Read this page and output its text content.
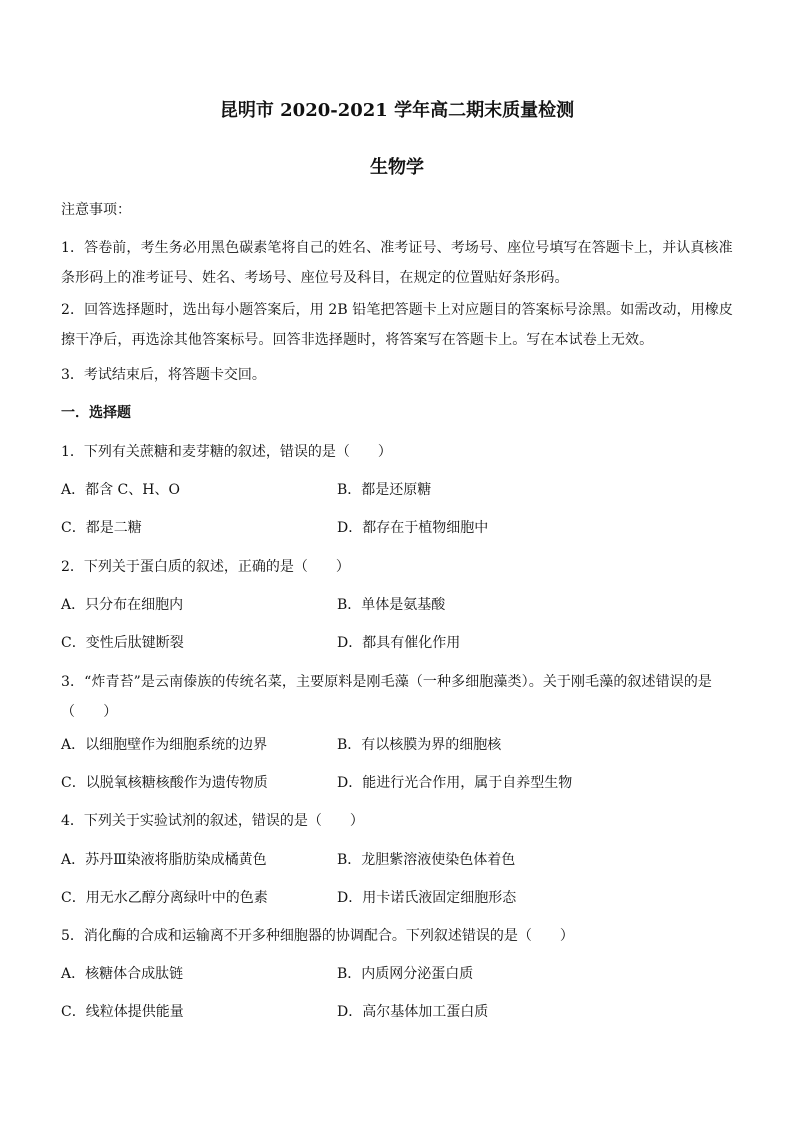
昆明市 2020-2021 学年高二期末质量检测
生物学
注意事项：
1．答卷前，考生务必用黑色碳素笔将自己的姓名、准考证号、考场号、座位号填写在答题卡上，并认真核准条形码上的准考证号、姓名、考场号、座位号及科目，在规定的位置贴好条形码。
2．回答选择题时，选出每小题答案后，用 2B 铅笔把答题卡上对应题目的答案标号涂黑。如需改动，用橡皮擦干净后，再选涂其他答案标号。回答非选择题时，将答案写在答题卡上。写在本试卷上无效。
3．考试结束后，将答题卡交回。
一．选择题
1．下列有关蔗糖和麦芽糖的叙述，错误的是（　　）
A．都含 C、H、O	B．都是还原糖
C．都是二糖	D．都存在于植物细胞中
2．下列关于蛋白质的叙述，正确的是（　　）
A．只分布在细胞内	B．单体是氨基酸
C．变性后肽键断裂	D．都具有催化作用
3．“炸青苔”是云南傣族的传统名菜，主要原料是刚毛藻（一种多细胞藻类）。关于刚毛藻的叙述错误的是（　　）
A．以细胞壁作为细胞系统的边界	B．有以核膜为界的细胞核
C．以脱氧核糖核酸作为遗传物质	D．能进行光合作用，属于自养型生物
4．下列关于实验试剂的叙述，错误的是（　　）
A．苏丹Ⅲ染液将脂肪染成橘黄色	B．龙胆紫溶液使染色体着色
C．用无水乙醇分离绿叶中的色素	D．用卡诺氏液固定细胞形态
5．消化酶的合成和运输离不开多种细胞器的协调配合。下列叙述错误的是（　　）
A．核糖体合成肽链	B．内质网分泌蛋白质
C．线粒体提供能量	D．高尔基体加工蛋白质
